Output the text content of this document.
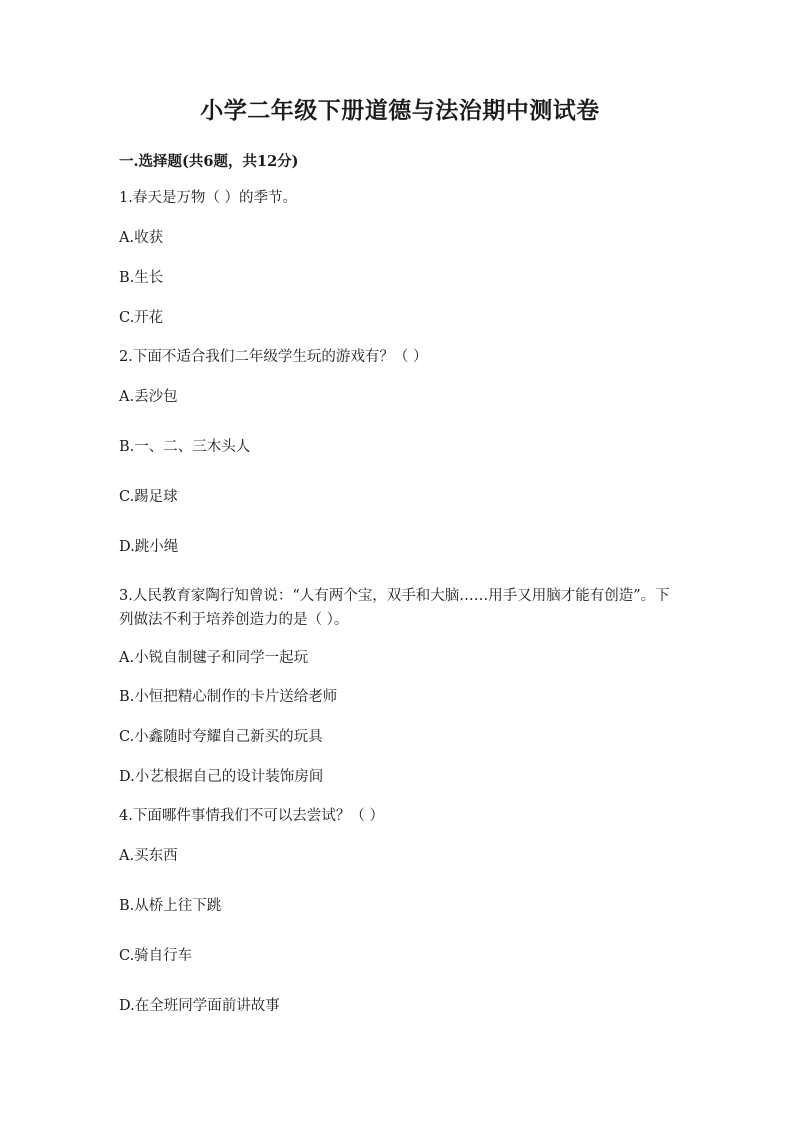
小学二年级下册道德与法治期中测试卷
一.选择题(共6题，共12分)
1.春天是万物（ ）的季节。
A.收获
B.生长
C.开花
2.下面不适合我们二年级学生玩的游戏有？（ ）
A.丢沙包
B.一、二、三木头人
C.踢足球
D.跳小绳
3.人民教育家陶行知曾说：“人有两个宝，双手和大脑……用手又用脑才能有创造”。下列做法不利于培养创造力的是（ ）。
A.小锐自制毽子和同学一起玩
B.小恒把精心制作的卡片送给老师
C.小鑫随时夸耀自己新买的玩具
D.小艺根据自己的设计装饰房间
4.下面哪件事情我们不可以去尝试？（ ）
A.买东西
B.从桥上往下跳
C.骑自行车
D.在全班同学面前讲故事
